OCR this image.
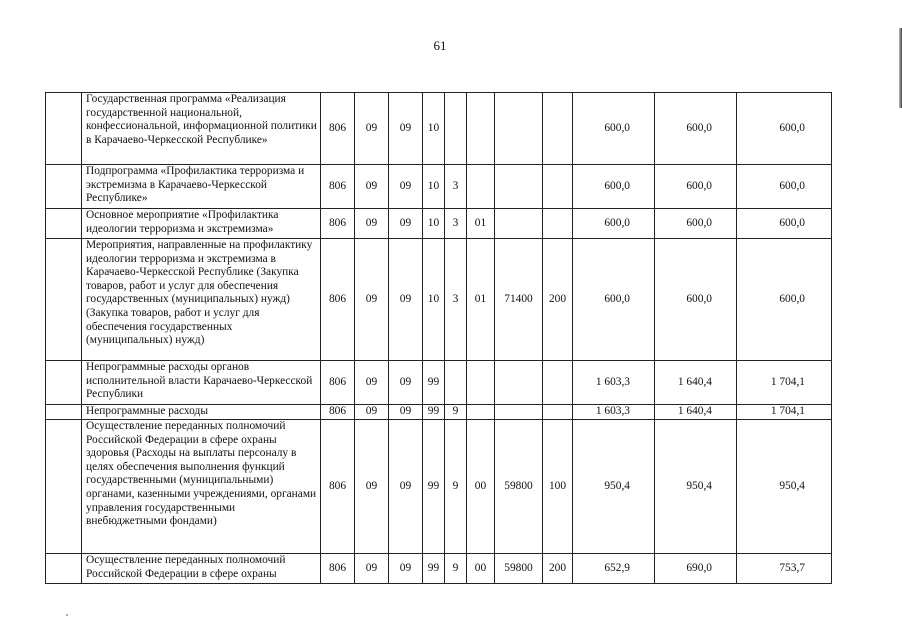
61
	Государственная программа «Реализация государственной национальной, конфессиональной, информационной политики в Карачаево-Черкесской Республике»	806	09	09	10					600,0	600,0	600,0
	Подпрограмма «Профилактика терроризма и экстремизма в Карачаево-Черкесской Республике»	806	09	09	10	3				600,0	600,0	600,0
	Основное мероприятие «Профилактика идеологии терроризма и экстремизма»	806	09	09	10	3	01			600,0	600,0	600,0
	Мероприятия, направленные на профилактику идеологии терроризма и экстремизма в Карачаево-Черкесской Республике (Закупка товаров, работ и услуг для обеспечения государственных (муниципальных) нужд) (Закупка товаров, работ и услуг для обеспечения государственных (муниципальных) нужд)	806	09	09	10	3	01	71400	200	600,0	600,0	600,0
	Непрограммные расходы органов исполнительной власти Карачаево-Черкесской Республики	806	09	09	99					1 603,3	1 640,4	1 704,1
	Непрограммные расходы	806	09	09	99	9				1 603,3	1 640,4	1 704,1
	Осуществление переданных полномочий Российской Федерации в сфере охраны здоровья (Расходы на выплаты персоналу в целях обеспечения выполнения функций государственными (муниципальными) органами, казенными учреждениями, органами управления государственными внебюджетными фондами)	806	09	09	99	9	00	59800	100	950,4	950,4	950,4
	Осуществление переданных полномочий Российской Федерации в сфере охраны	806	09	09	99	9	00	59800	200	652,9	690,0	753,7
